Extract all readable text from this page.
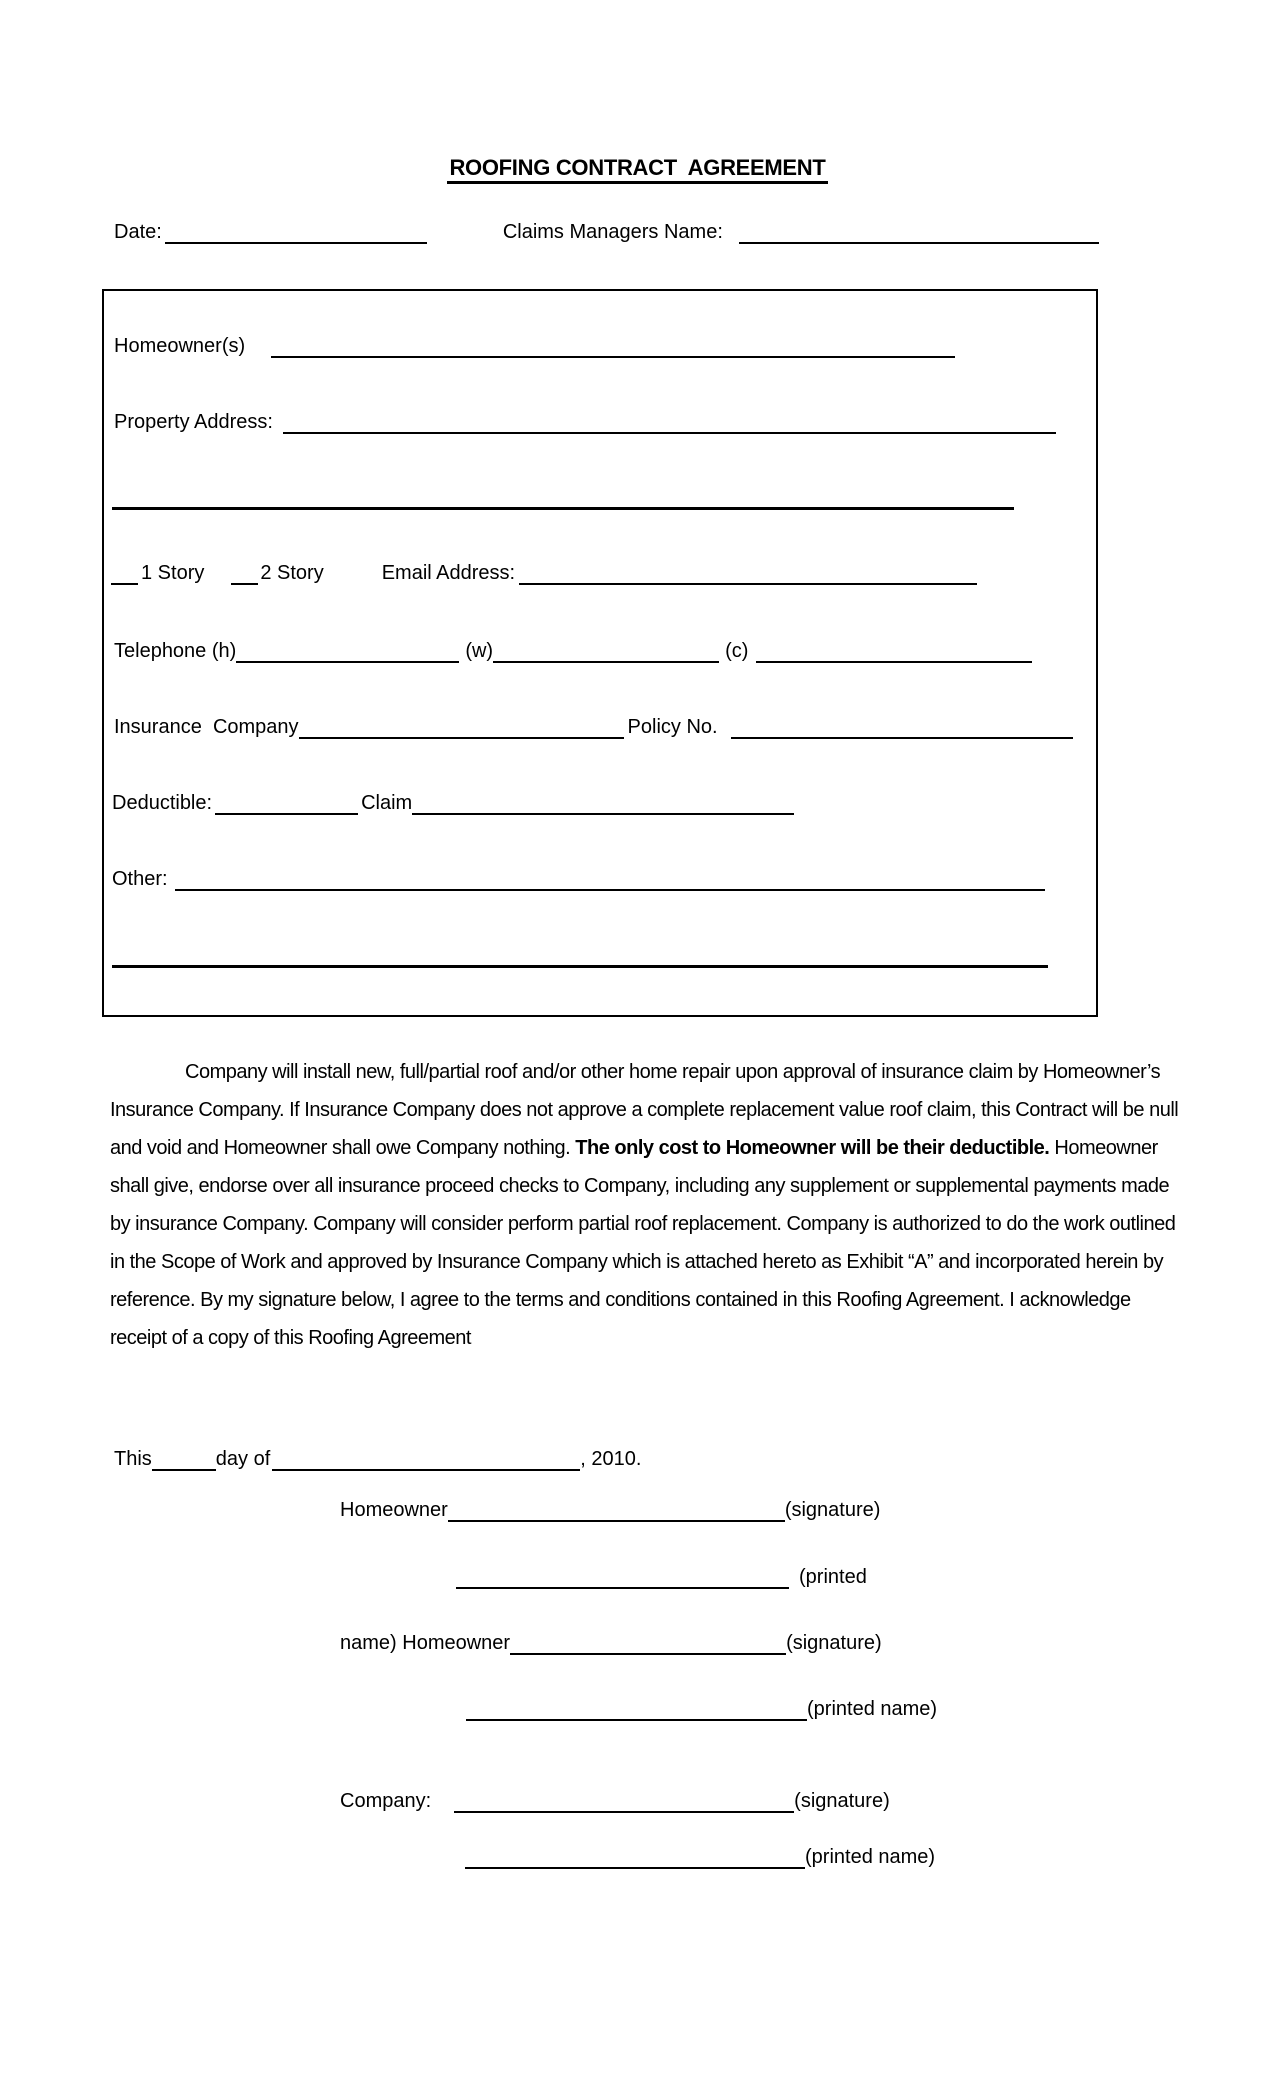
ROOFING CONTRACT  AGREEMENT
Date:	Claims Managers Name:
Homeowner(s)
Property Address:
1 Story	2 Story	Email Address:
Telephone (h)	(w)	(c)
Insurance  Company	Policy No.
Deductible:	Claim
Other:
Company will install new, full/partial roof and/or other home repair upon approval of insurance claim by Homeowner’s Insurance Company. If Insurance Company does not approve a complete replacement value roof claim, this Contract will be null and void and Homeowner shall owe Company nothing. The only cost to Homeowner will be their deductible. Homeowner shall give, endorse over all insurance proceed checks to Company, including any supplement or supplemental payments made by insurance Company. Company will consider perform partial roof replacement. Company is authorized to do the work outlined in the Scope of Work and approved by Insurance Company which is attached hereto as Exhibit “A” and incorporated herein by reference. By my signature below, I agree to the terms and conditions contained in this Roofing Agreement. I acknowledge receipt of a copy of this Roofing Agreement
This	day of	, 2010.
Homeowner	(signature)
(printed
name) Homeowner	(signature)
(printed name)
Company:	(signature)
(printed name)
